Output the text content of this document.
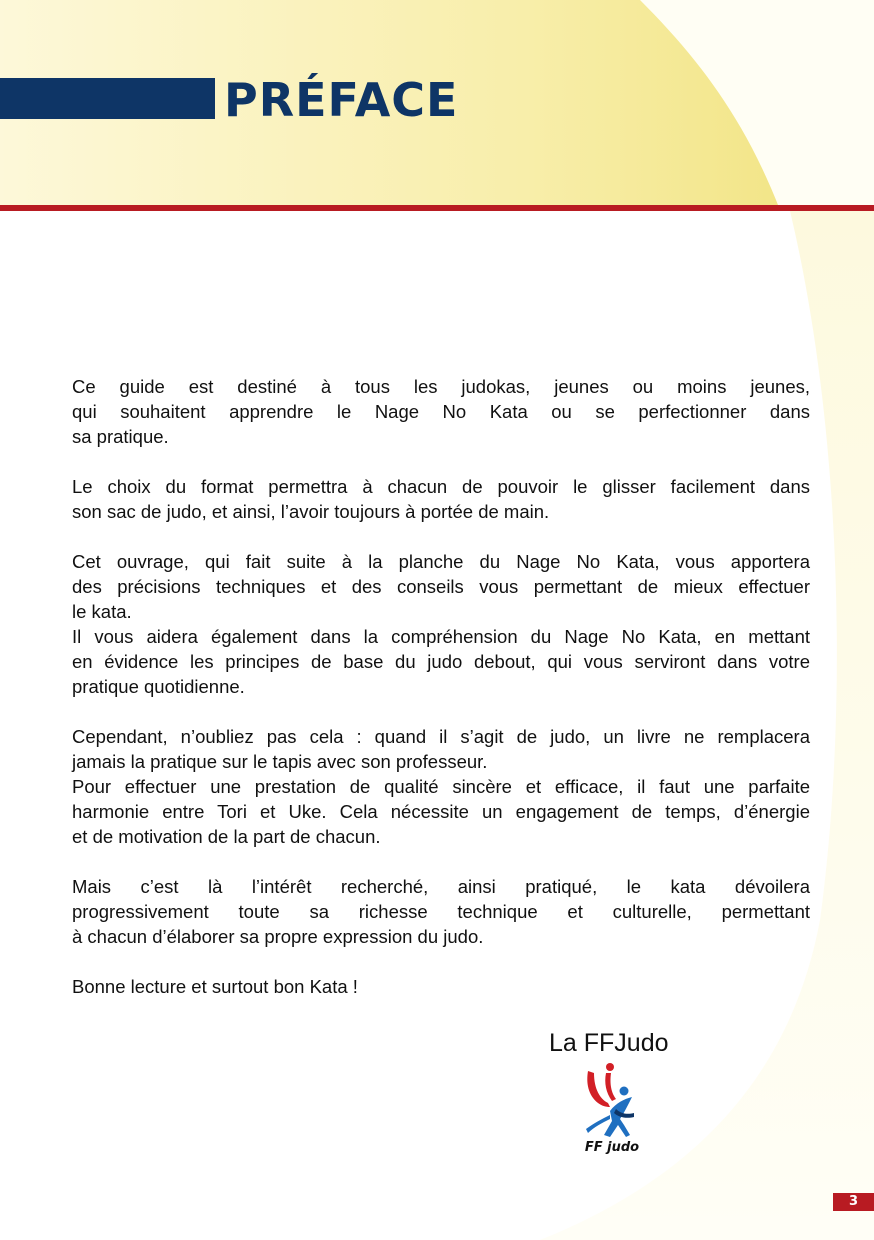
PRÉFACE

Ce guide est destiné à tous les judokas, jeunes ou moins jeunes,
qui souhaitent apprendre le Nage No Kata ou se perfectionner dans
sa pratique.

Le choix du format permettra à chacun de pouvoir le glisser facilement dans
son sac de judo, et ainsi, l’avoir toujours à portée de main.

Cet ouvrage, qui fait suite à la planche du Nage No Kata, vous apportera
des précisions techniques et des conseils vous permettant de mieux effectuer
le kata.
Il vous aidera également dans la compréhension du Nage No Kata, en mettant
en évidence les principes de base du judo debout, qui vous serviront dans votre
pratique quotidienne.

Cependant, n’oubliez pas cela : quand il s’agit de judo, un livre ne remplacera
jamais la pratique sur le tapis avec son professeur.
Pour effectuer une prestation de qualité sincère et efficace, il faut une parfaite
harmonie entre Tori et Uke. Cela nécessite un engagement de temps, d’énergie
et de motivation de la part de chacun.

Mais c’est là l’intérêt recherché, ainsi pratiqué, le kata dévoilera
progressivement toute sa richesse technique et culturelle, permettant
à chacun d’élaborer sa propre expression du judo.

Bonne lecture et surtout bon Kata !

La FFJudo
FF judo
3
